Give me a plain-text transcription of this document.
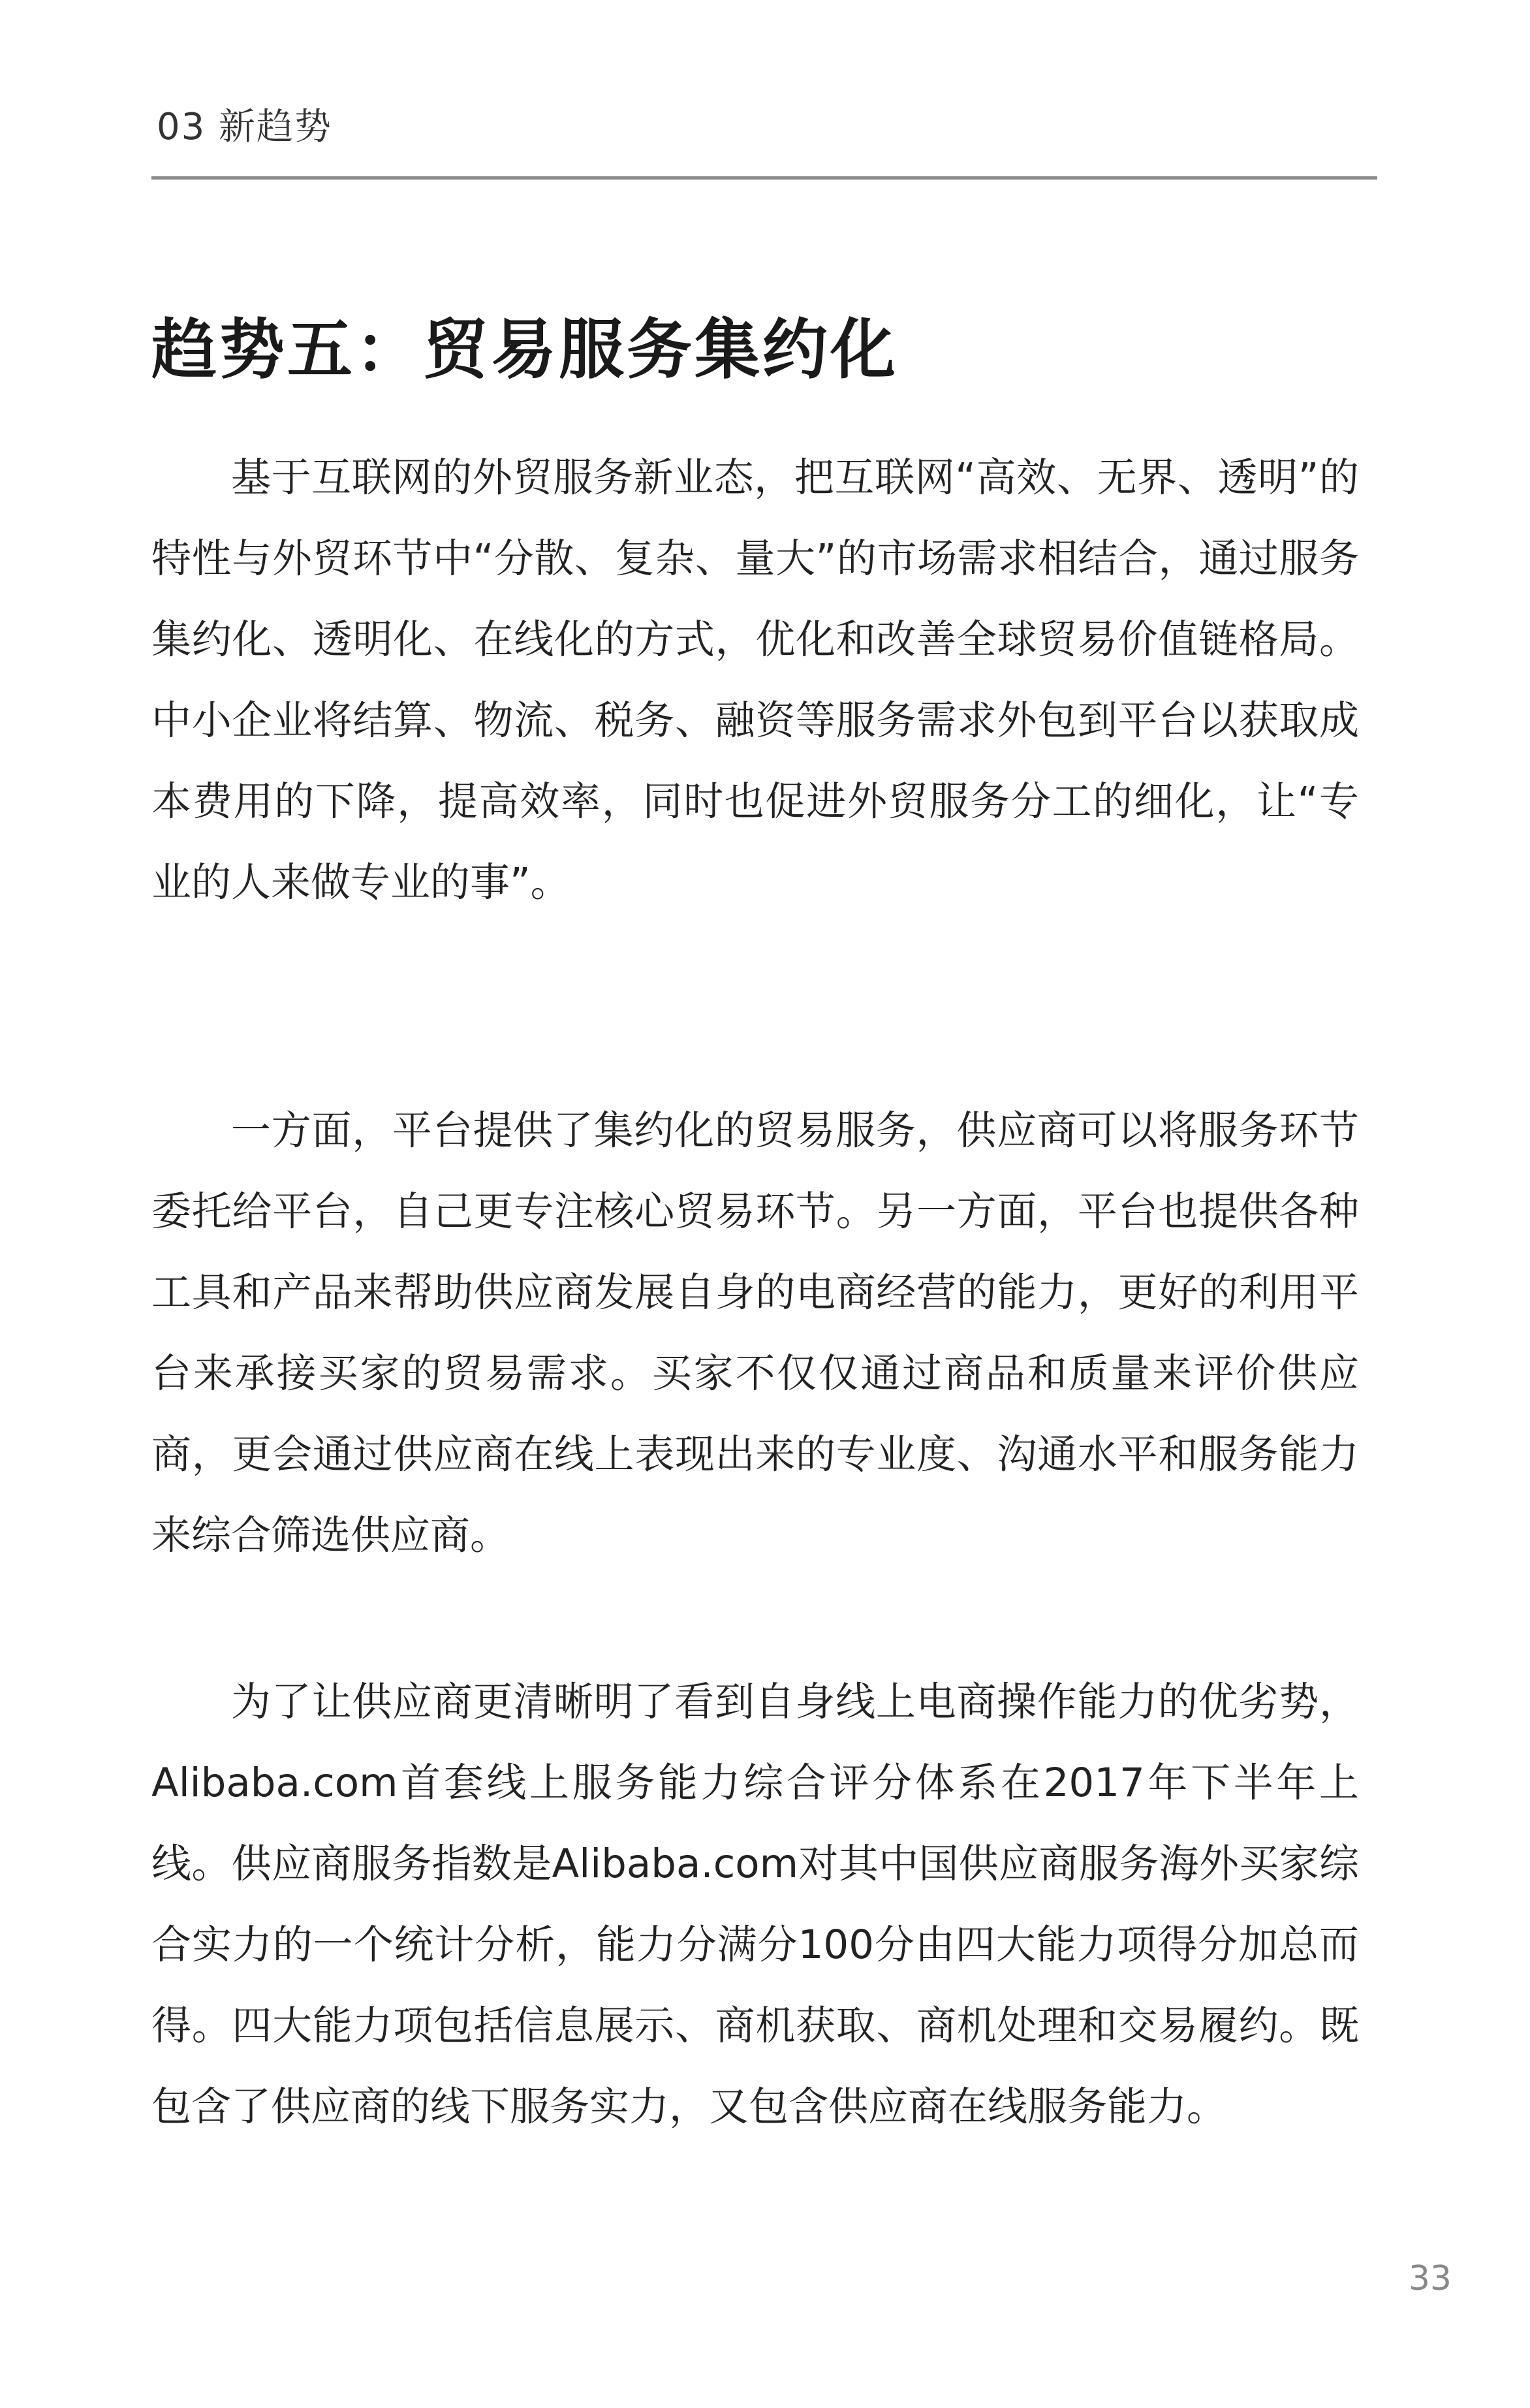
03 新趋势
趋势五：贸易服务集约化

基于互联网的外贸服务新业态，把互联网“高效、无界、透明”的特性与外贸环节中“分散、复杂、量大”的市场需求相结合，通过服务集约化、透明化、在线化的方式，优化和改善全球贸易价值链格局。中小企业将结算、物流、税务、融资等服务需求外包到平台以获取成本费用的下降，提高效率，同时也促进外贸服务分工的细化，让“专业的人来做专业的事”。

一方面，平台提供了集约化的贸易服务，供应商可以将服务环节委托给平台，自己更专注核心贸易环节。另一方面，平台也提供各种工具和产品来帮助供应商发展自身的电商经营的能力，更好的利用平台来承接买家的贸易需求。买家不仅仅通过商品和质量来评价供应商，更会通过供应商在线上表现出来的专业度、沟通水平和服务能力来综合筛选供应商。

为了让供应商更清晰明了看到自身线上电商操作能力的优劣势，Alibaba.com首套线上服务能力综合评分体系在2017年下半年上线。供应商服务指数是Alibaba.com对其中国供应商服务海外买家综合实力的一个统计分析，能力分满分100分由四大能力项得分加总而得。四大能力项包括信息展示、商机获取、商机处理和交易履约。既包含了供应商的线下服务实力，又包含供应商在线服务能力。

33
